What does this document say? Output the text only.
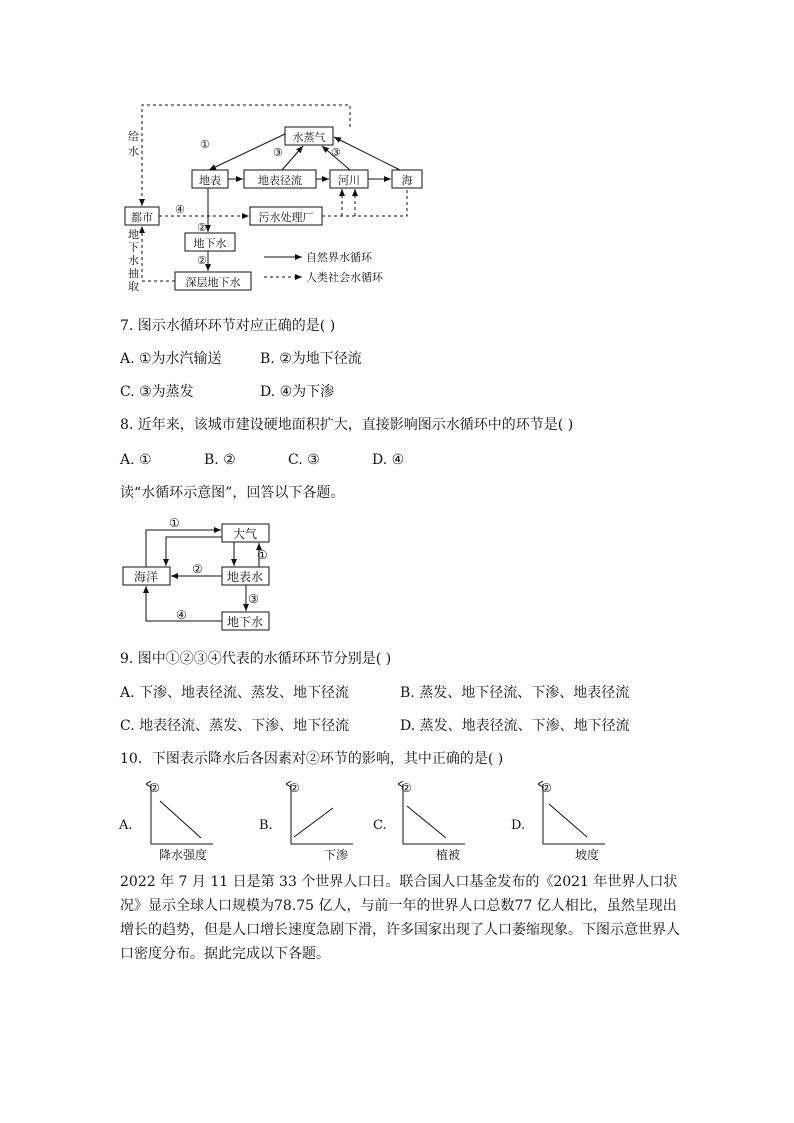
水蒸气
地表	地表径流	河川	海
都市	污水处理厂
地下水
深层地下水
①
②
②
③	③
④
给
水
地
下
水
抽
取
自然界水循环
人类社会水循环
7. 图示水循环环节对应正确的是( )
A. ①为水汽输送	B. ②为地下径流
C. ③为蒸发	D. ④为下渗
8. 近年来，该城市建设硬地面积扩大，直接影响图示水循环中的环节是( )
A. ①	B. ②	C. ③	D. ④
读“水循环示意图”，回答以下各题。
大气
海洋	地表水
地下水
①
①
②
③
④
9. 图中①②③④代表的水循环环节分别是( )
A. 下渗、地表径流、蒸发、地下径流	B. 蒸发、地下径流、下渗、地表径流
C. 地表径流、蒸发、下渗、地下径流	D. 蒸发、地表径流、下渗、地下径流
10．下图表示降水后各因素对②环节的影响，其中正确的是( )
A.	B.	C.	D.
②	②	②	②
降水强度	下渗	植被	坡度
2022 年 7 月 11 日是第 33 个世界人口日。联合国人口基金发布的《2021 年世界人口状况》显示全球人口规模为78.75 亿人，与前一年的世界人口总数77 亿人相比，虽然呈现出增长的趋势，但是人口增长速度急剧下滑，许多国家出现了人口萎缩现象。下图示意世界人口密度分布。据此完成以下各题。
